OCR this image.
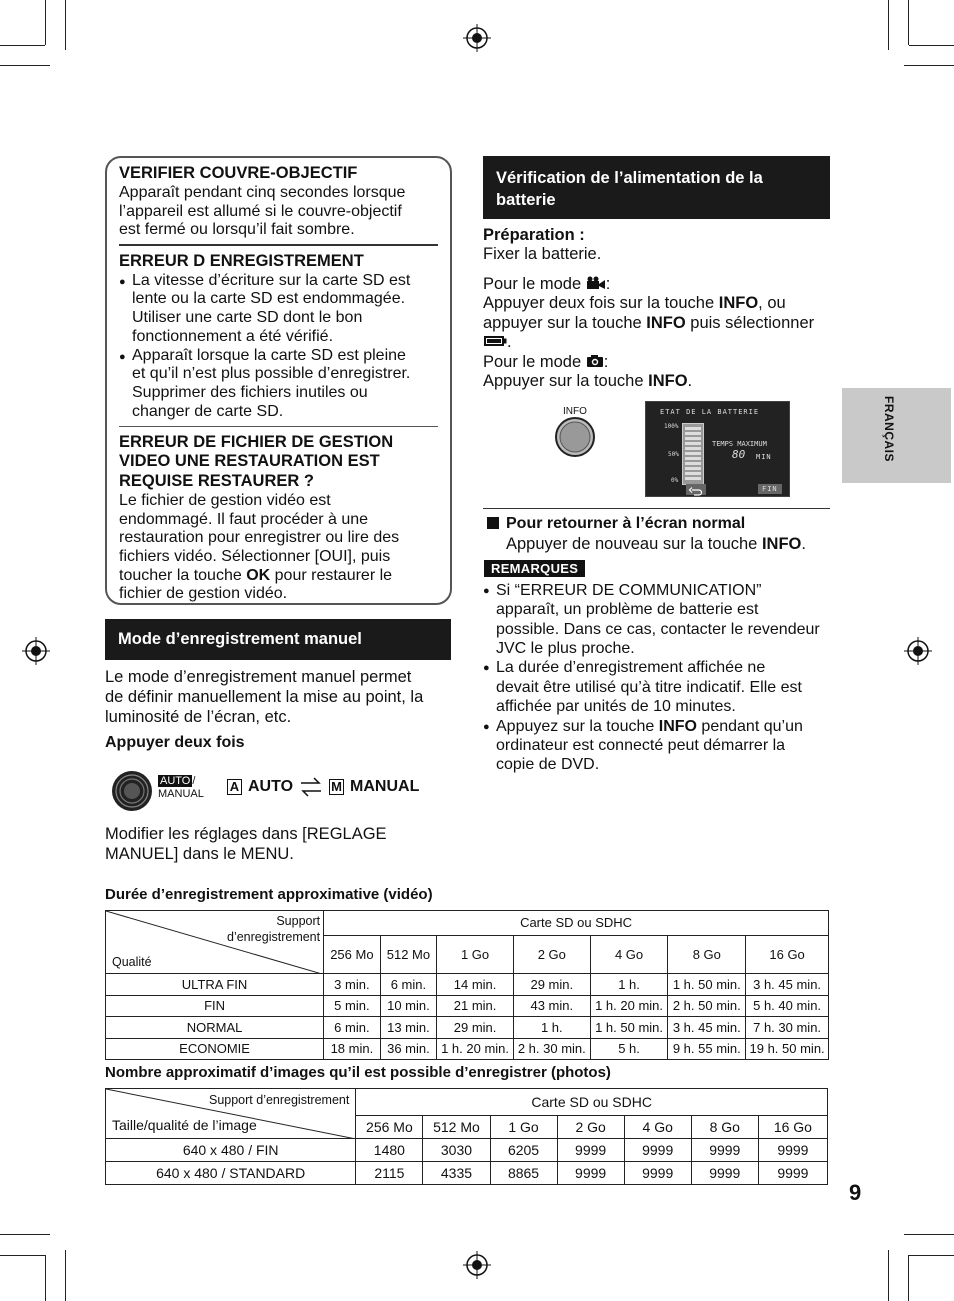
VERIFIER COUVRE-OBJECTIF
Apparaît pendant cinq secondes lorsque
l’appareil est allumé si le couvre-objectif
est fermé ou lorsqu’il fait sombre.
ERREUR D ENREGISTREMENT
● La vitesse d’écriture sur la carte SD est
lente ou la carte SD est endommagée.
Utiliser une carte SD dont le bon
fonctionnement a été vérifié.
● Apparaît lorsque la carte SD est pleine
et qu’il n’est plus possible d’enregistrer.
Supprimer des fichiers inutiles ou
changer de carte SD.
ERREUR DE FICHIER DE GESTION
VIDEO UNE RESTAURATION EST
REQUISE RESTAURER ?
Le fichier de gestion vidéo est
endommagé. Il faut procéder à une
restauration pour enregistrer ou lire des
fichiers vidéo. Sélectionner [OUI], puis
toucher la touche OK pour restaurer le
fichier de gestion vidéo.
Mode d’enregistrement manuel

Le mode d’enregistrement manuel permet
de définir manuellement la mise au point, la
luminosité de l’écran, etc.

Appuyer deux fois
AUTO /
MANUAL A AUTO	M MANUAL

Modifier les réglages dans [REGLAGE
MANUEL] dans le MENU.

Vérification de l’alimentation de la
batterie
Préparation :
Fixer la batterie.
Pour le mode :
Appuyer deux fois sur la touche INFO, ou
appuyer sur la touche INFO puis sélectionner
.
Pour le mode :
Appuyer sur la touche INFO.
INFO	ETAT DE LA BATTERIE
100%
50%
0%
TEMPS MAXIMUM
80 MIN
FIN
Pour retourner à l’écran normal
Appuyer de nouveau sur la touche INFO.
REMARQUES
● Si “ERREUR DE COMMUNICATION”
apparaît, un problème de batterie est
possible. Dans ce cas, contacter le revendeur
JVC le plus proche.
● La durée d’enregistrement affichée ne
devait être utilisé qu’à titre indicatif. Elle est
affichée par unités de 10 minutes.
● Appuyez sur la touche INFO pendant qu’un
ordinateur est connecté peut démarrer la
copie de DVD.
FRANÇAIS
9
Durée d’enregistrement approximative (vidéo)
Support
d’enregistrement
Qualité	Carte SD ou SDHC						
	256 Mo	512 Mo	1 Go	2 Go	4 Go	8 Go	16 Go
ULTRA FIN	3 min.	6 min.	14 min.	29 min.	1 h.	1 h. 50 min.	3 h. 45 min.
FIN	5 min.	10 min.	21 min.	43 min.	1 h. 20 min.	2 h. 50 min.	5 h. 40 min.
NORMAL	6 min.	13 min.	29 min.	1 h.	1 h. 50 min.	3 h. 45 min.	7 h. 30 min.
ECONOMIE	18 min.	36 min.	1 h. 20 min.	2 h. 30 min.	5 h.	9 h. 55 min.	19 h. 50 min.
Nombre approximatif d’images qu’il est possible d’enregistrer (photos)
Support d’enregistrement
Taille/qualité de l’image	Carte SD ou SDHC						
	256 Mo	512 Mo	1 Go	2 Go	4 Go	8 Go	16 Go
640 x 480 / FIN	1480	3030	6205	9999	9999	9999	9999
640 x 480 / STANDARD	2115	4335	8865	9999	9999	9999	9999
